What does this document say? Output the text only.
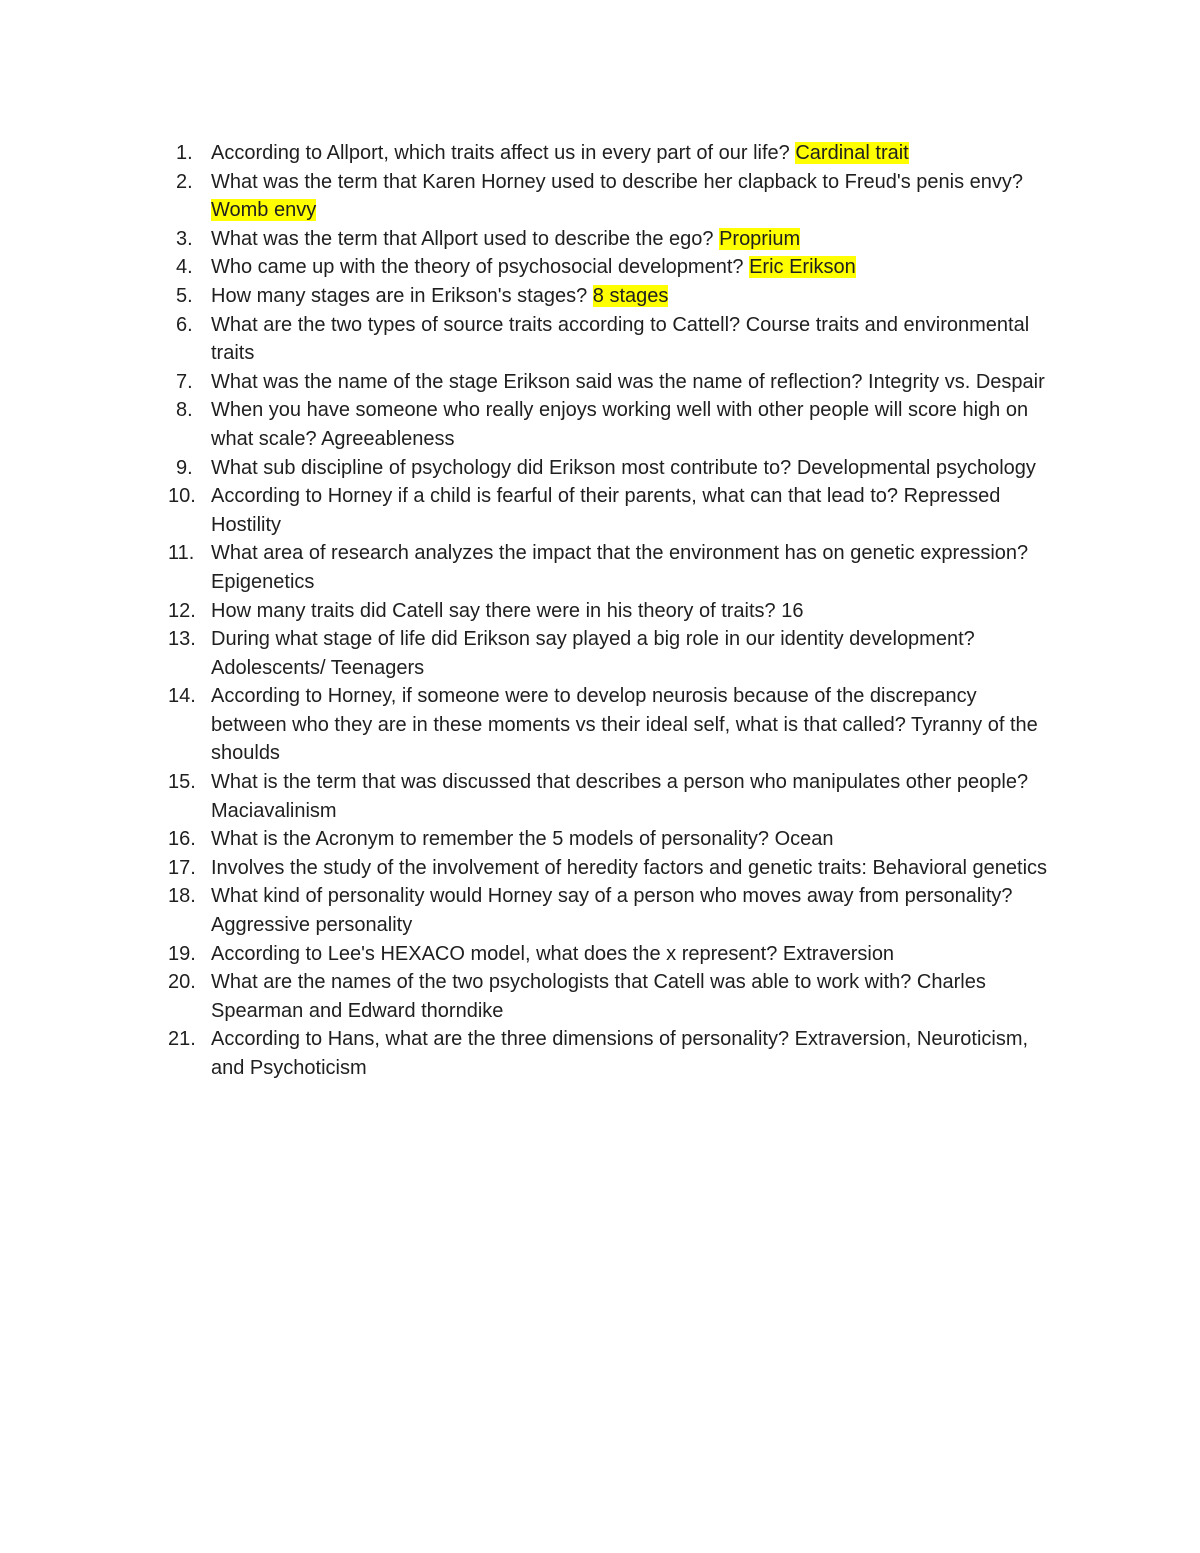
1. According to Allport, which traits affect us in every part of our life? Cardinal trait
2. What was the term that Karen Horney used to describe her clapback to Freud's penis envy? Womb envy
3. What was the term that Allport used to describe the ego? Proprium
4. Who came up with the theory of psychosocial development? Eric Erikson
5. How many stages are in Erikson's stages? 8 stages
6. What are the two types of source traits according to Cattell? Course traits and environmental traits
7. What was the name of the stage Erikson said was the name of reflection? Integrity vs. Despair
8. When you have someone who really enjoys working well with other people will score high on what scale? Agreeableness
9. What sub discipline of psychology did Erikson most contribute to? Developmental psychology
10. According to Horney if a child is fearful of their parents, what can that lead to? Repressed Hostility
11. What area of research analyzes the impact that the environment has on genetic expression? Epigenetics
12. How many traits did Catell say there were in his theory of traits? 16
13. During what stage of life did Erikson say played a big role in our identity development? Adolescents/ Teenagers
14. According to Horney, if someone were to develop neurosis because of the discrepancy between who they are in these moments vs their ideal self, what is that called? Tyranny of the shoulds
15. What is the term that was discussed that describes a person who manipulates other people? Maciavalinism
16. What is the Acronym to remember the 5 models of personality? Ocean
17. Involves the study of the involvement of heredity factors and genetic traits: Behavioral genetics
18. What kind of personality would Horney say of a person who moves away from personality? Aggressive personality
19. According to Lee's HEXACO model, what does the x represent? Extraversion
20. What are the names of the two psychologists that Catell was able to work with? Charles Spearman and Edward thorndike
21. According to Hans, what are the three dimensions of personality? Extraversion, Neuroticism, and Psychoticism
